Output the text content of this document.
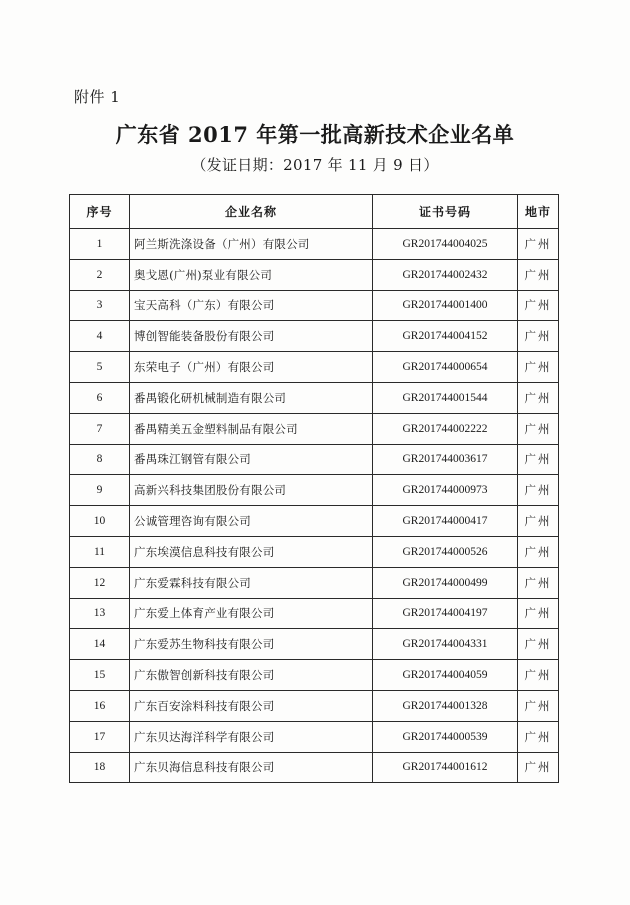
附件 1
广东省 2017 年第一批高新技术企业名单
（发证日期：2017 年 11 月 9 日）
序号	企业名称	证书号码	地市
1	阿兰斯洗涤设备（广州）有限公司	GR201744004025	广州
2	奥戈恩(广州)泵业有限公司	GR201744002432	广州
3	宝天高科（广东）有限公司	GR201744001400	广州
4	博创智能装备股份有限公司	GR201744004152	广州
5	东荣电子（广州）有限公司	GR201744000654	广州
6	番禺锻化研机械制造有限公司	GR201744001544	广州
7	番禺精美五金塑料制品有限公司	GR201744002222	广州
8	番禺珠江钢管有限公司	GR201744003617	广州
9	高新兴科技集团股份有限公司	GR201744000973	广州
10	公诚管理咨询有限公司	GR201744000417	广州
11	广东埃漠信息科技有限公司	GR201744000526	广州
12	广东爱霖科技有限公司	GR201744000499	广州
13	广东爱上体育产业有限公司	GR201744004197	广州
14	广东爱苏生物科技有限公司	GR201744004331	广州
15	广东傲智创新科技有限公司	GR201744004059	广州
16	广东百安涂料科技有限公司	GR201744001328	广州
17	广东贝达海洋科学有限公司	GR201744000539	广州
18	广东贝海信息科技有限公司	GR201744001612	广州
